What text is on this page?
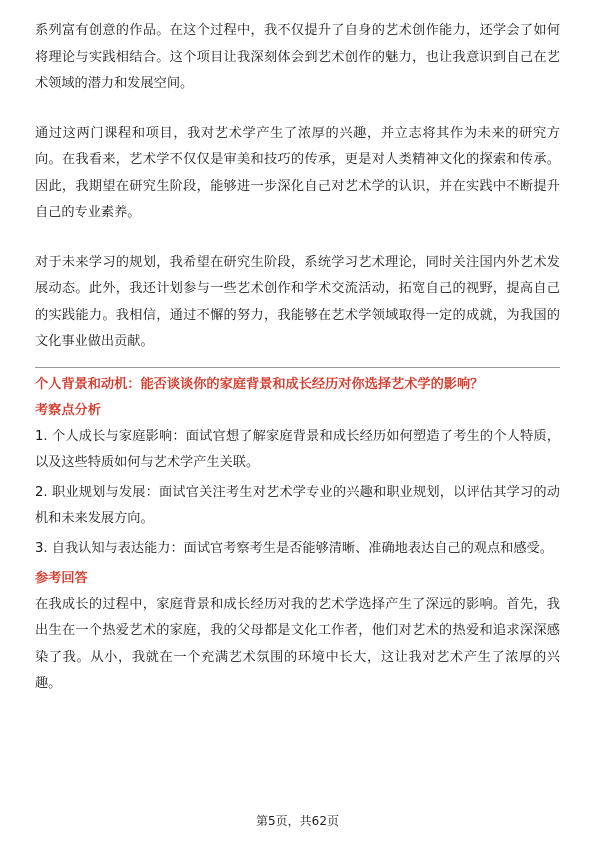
系列富有创意的作品。在这个过程中，我不仅提升了自身的艺术创作能力，还学会了如何将理论与实践相结合。这个项目让我深刻体会到艺术创作的魅力，也让我意识到自己在艺术领域的潜力和发展空间。

通过这两门课程和项目，我对艺术学产生了浓厚的兴趣，并立志将其作为未来的研究方向。在我看来，艺术学不仅仅是审美和技巧的传承，更是对人类精神文化的探索和传承。因此，我期望在研究生阶段，能够进一步深化自己对艺术学的认识，并在实践中不断提升自己的专业素养。

对于未来学习的规划，我希望在研究生阶段，系统学习艺术理论，同时关注国内外艺术发展动态。此外，我还计划参与一些艺术创作和学术交流活动，拓宽自己的视野，提高自己的实践能力。我相信，通过不懈的努力，我能够在艺术学领域取得一定的成就，为我国的文化事业做出贡献。

个人背景和动机：能否谈谈你的家庭背景和成长经历对你选择艺术学的影响？

考察点分析

1. 个人成长与家庭影响：面试官想了解家庭背景和成长经历如何塑造了考生的个人特质，以及这些特质如何与艺术学产生关联。

2. 职业规划与发展：面试官关注考生对艺术学专业的兴趣和职业规划，以评估其学习的动机和未来发展方向。

3. 自我认知与表达能力：面试官考察考生是否能够清晰、准确地表达自己的观点和感受。

参考回答

在我成长的过程中，家庭背景和成长经历对我的艺术学选择产生了深远的影响。首先，我出生在一个热爱艺术的家庭，我的父母都是文化工作者，他们对艺术的热爱和追求深深感染了我。从小，我就在一个充满艺术氛围的环境中长大，这让我对艺术产生了浓厚的兴趣。

第5页，共62页
